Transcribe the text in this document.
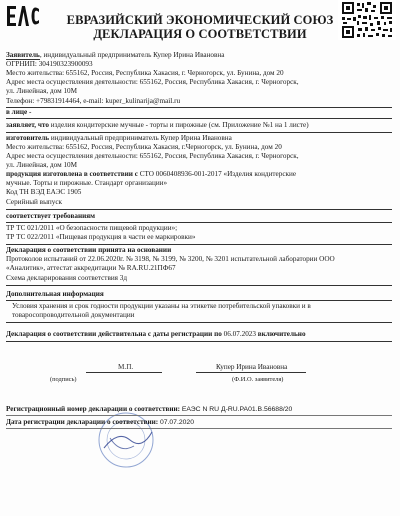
ЕВРАЗИЙСКИЙ ЭКОНОМИЧЕСКИЙ СОЮЗ
ДЕКЛАРАЦИЯ О СООТВЕТСТВИИ
Заявитель, индивидуальный предприниматель Купер Ирина Ивановна
ОГРНИП: 304190323900093
Место жительства: 655162, Россия, Республика Хакасия, г. Черногорск, ул. Бунина, дом 20
Адрес места осуществления деятельности: 655162, Россия, Республика Хакасия, г. Черногорск,
ул. Линейная, дом 10М
Телефон: +79831914464, e-mail: kuper_kulinarija@mail.ru
в лице -
заявляет, что изделия кондитерские мучные - торты и пирожные (см. Приложение №1 на 1 листе)
изготовитель индивидуальный предприниматель Купер Ирина Ивановна
Место жительства: 655162, Россия, Республика Хакасия, г.Черногорск, ул. Бунина, дом 20
Адрес места осуществления деятельности: 655162, Россия, Республика Хакасия, г. Черногорск,
ул. Линейная, дом 10М
продукция изготовлена в соответствии с СТО 0060408936-001-2017 «Изделия кондитерские
мучные. Торты и пирожные. Стандарт организации»
Код ТН ВЭД ЕАЭС 1905
Серийный выпуск
соответствует требованиям
ТР ТС 021/2011 «О безопасности пищевой продукции»;
ТР ТС 022/2011 «Пищевая продукция в части ее маркировки»
Декларация о соответствии принята на основании
Протоколов испытаний от 22.06.2020г. № 3198, № 3199, № 3200, № 3201 испытательной лаборатории ООО
«Аналитик», аттестат аккредитации № RA.RU.21ПФ67
Схема декларирования соответствия 3д
Дополнительная информация
Условия хранения и срок годности продукции указаны на этикетке потребительской упаковки и в
товаросопроводительной документации
Декларация о соответствии действительна с даты регистрации по 06.07.2023 включительно
М.П.	Купер Ирина Ивановна
(подпись)	(Ф.И.О. заявителя)
Регистрационный номер декларации о соответствии: ЕАЭС N RU Д-RU.PA01.B.56688/20
Дата регистрации декларации о соответствии: 07.07.2020
